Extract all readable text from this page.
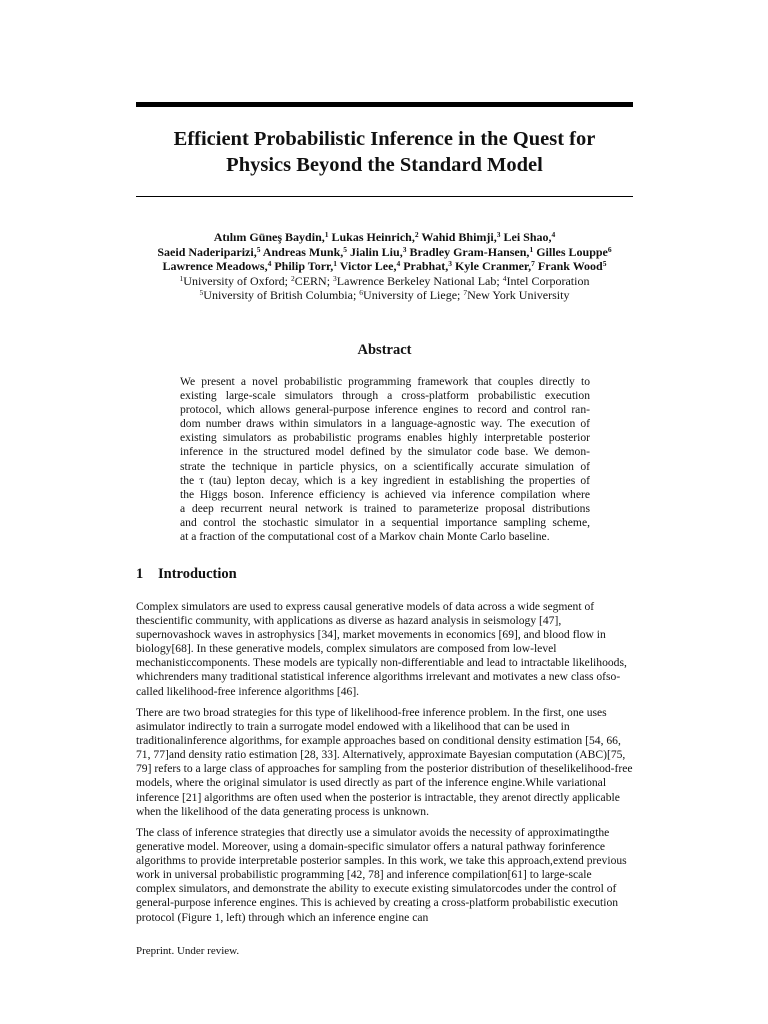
Efficient Probabilistic Inference in the Quest for
Physics Beyond the Standard Model
Atılım Güneş Baydin,$^1$ Lukas Heinrich,$^2$ Wahid Bhimji,$^3$ Lei Shao,$^4$
Saeid Naderiparizi,$^5$ Andreas Munk,$^5$ Jialin Liu,$^3$ Bradley Gram-Hansen,$^1$ Gilles Louppe$^6$
Lawrence Meadows,$^4$ Philip Torr,$^1$ Victor Lee,$^4$ Prabhat,$^3$ Kyle Cranmer,$^7$ Frank Wood$^5$
$^1$University of Oxford; $^2$CERN; $^3$Lawrence Berkeley National Lab; $^4$Intel Corporation
$^5$University of British Columbia; $^6$University of Liege; $^7$New York University
Abstract
We present a novel probabilistic programming framework that couples directly to
existing large-scale simulators through a cross-platform probabilistic execution
protocol, which allows general-purpose inference engines to record and control ran-
dom number draws within simulators in a language-agnostic way. The execution of
existing simulators as probabilistic programs enables highly interpretable posterior
inference in the structured model defined by the simulator code base. We demon-
strate the technique in particle physics, on a scientifically accurate simulation of
the τ (tau) lepton decay, which is a key ingredient in establishing the properties of
the Higgs boson. Inference efficiency is achieved via inference compilation where
a deep recurrent neural network is trained to parameterize proposal distributions
and control the stochastic simulator in a sequential importance sampling scheme,
at a fraction of the computational cost of a Markov chain Monte Carlo baseline.
1 Introduction
Complex simulators are used to express causal generative models of data across a wide segment of thescientific community, with applications as diverse as hazard analysis in seismology [47], supernovashock waves in astrophysics [34], market movements in economics [69], and blood flow in biology[68]. In these generative models, complex simulators are composed from low-level mechanisticcomponents. These models are typically non-differentiable and lead to intractable likelihoods, whichrenders many traditional statistical inference algorithms irrelevant and motivates a new class ofso-called likelihood-free inference algorithms [46].
There are two broad strategies for this type of likelihood-free inference problem. In the first, one uses asimulator indirectly to train a surrogate model endowed with a likelihood that can be used in traditionalinference algorithms, for example approaches based on conditional density estimation [54, 66, 71, 77]and density ratio estimation [28, 33]. Alternatively, approximate Bayesian computation (ABC)[75, 79] refers to a large class of approaches for sampling from the posterior distribution of theselikelihood-free models, where the original simulator is used directly as part of the inference engine.While variational inference [21] algorithms are often used when the posterior is intractable, they arenot directly applicable when the likelihood of the data generating process is unknown.
The class of inference strategies that directly use a simulator avoids the necessity of approximatingthe generative model. Moreover, using a domain-specific simulator offers a natural pathway forinference algorithms to provide interpretable posterior samples. In this work, we take this approach,extend previous work in universal probabilistic programming [42, 78] and inference compilation[61] to large-scale complex simulators, and demonstrate the ability to execute existing simulatorcodes under the control of general-purpose inference engines. This is achieved by creating a cross-platform probabilistic execution protocol (Figure 1, left) through which an inference engine can
Preprint. Under review.
